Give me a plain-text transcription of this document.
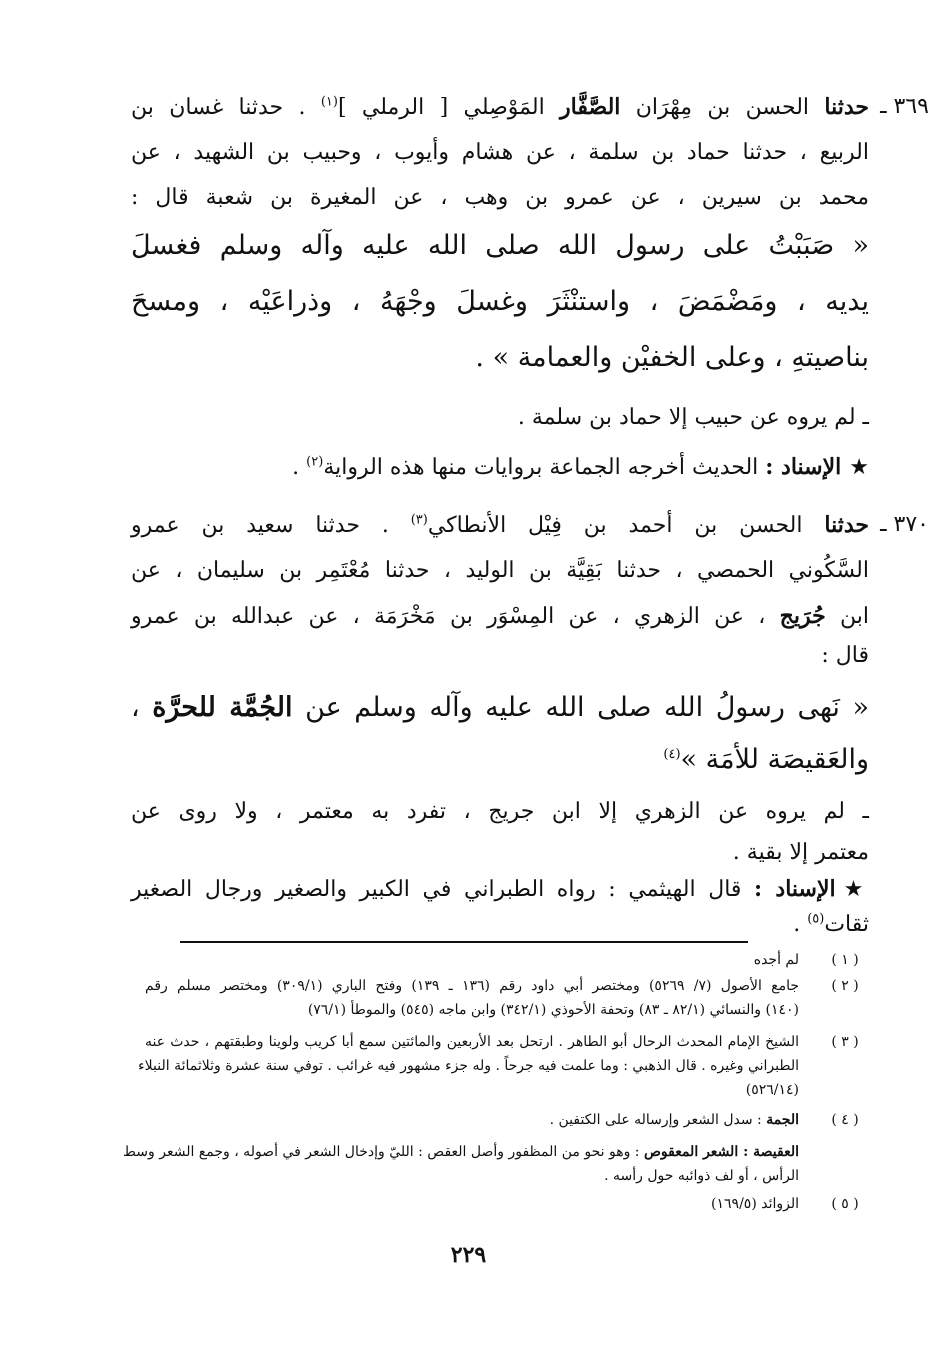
٣٦٩ ـ
حدثنا الحسن بن مِهْرَان الصَّفَّار المَوْصِلي [ الرملي ]$^{(١)}$ . حدثنا غسان بن
الربيع ، حدثنا حماد بن سلمة ، عن هشام وأيوب ، وحبيب بن الشهيد ، عن
محمد بن سيرين ، عن عمرو بن وهب ، عن المغيرة بن شعبة قال :
« صَبَبْتُ على رسول الله صلى الله عليه وآله وسلم فغسلَ
يديه ، ومَضْمَضَ ، واستنْثَرَ وغسلَ وجْهَهُ ، وذراعَيْه ، ومسحَ
بناصيتهِ ، وعلى الخفيْن والعمامة » .
ـ لم يروه عن حبيب إلا حماد بن سلمة .
★الإسناد : الحديث أخرجه الجماعة بروايات منها هذه الرواية$^{(٢)}$ .
٣٧٠ ـ
حدثنا الحسن بن أحمد بن فِيْل الأنطاكي$^{(٣)}$ . حدثنا سعيد بن عمرو
السَّكُوني الحمصي ، حدثنا بَقِيَّة بن الوليد ، حدثنا مُعْتَمِر بن سليمان ، عن
ابن جُرَيج ، عن الزهري ، عن المِسْوَر بن مَخْرَمَة ، عن عبدالله بن عمرو
قال :
« نَهى رسولُ الله صلى الله عليه وآله وسلم عن الجُمَّة للحرَّة ،
والعَقيصَة للأمَة »$^{(٤)}$
ـ لم يروه عن الزهري إلا ابن جريج ، تفرد به معتمر ، ولا روى عن
معتمر إلا بقية .
★الإسناد : قال الهيثمي : رواه الطبراني في الكبير والصغير ورجال الصغير
ثقات$^{(٥)}$ .
( ١ )
لم أجده
( ٢ )
جامع الأصول (٧/ ٥٢٦٩) ومختصر أبي داود رقم (١٣٦ ـ ١٣٩) وفتح الباري (٣٠٩/١) ومختصر مسلم رقم
(١٤٠) والنسائي (٨٢/١ ـ ٨٣) وتحفة الأحوذي (٣٤٢/١) وابن ماجه (٥٤٥) والموطأ (٧٦/١)
( ٣ )
الشيخ الإمام المحدث الرحال أبو الطاهر . ارتحل بعد الأربعين والمائتين سمع أبا كريب ولوينا وطبقتهم ، حدث عنه
الطبراني وغيره . قال الذهبي : وما علمت فيه جرحاً . وله جزء مشهور فيه غرائب . توفي سنة عشرة وثلاثمائة النبلاء
(٥٢٦/١٤)
( ٤ )
الجمة : سدل الشعر وإرساله على الكتفين .
العقيصة : الشعر المعقوص : وهو نحو من المظفور وأصل العقص : الليّ وإدخال الشعر في أصوله ، وجمع الشعر وسط
الرأس ، أو لف ذوائبه حول رأسه .
( ٥ )
الزوائد (١٦٩/٥)
٢٢٩
